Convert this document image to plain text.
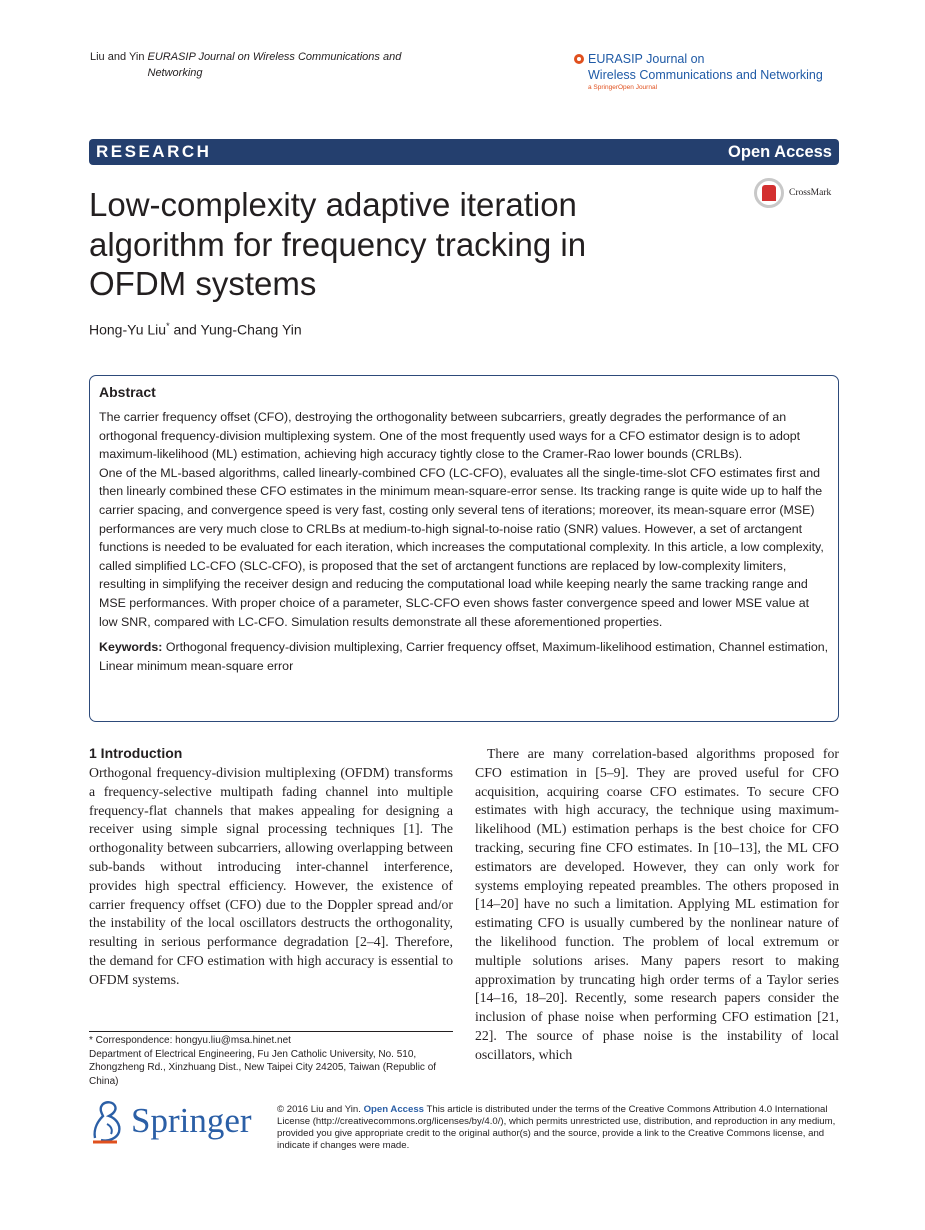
Liu and Yin EURASIP Journal on Wireless Communications and Networking
EURASIP Journal on
Wireless Communications and Networking
a SpringerOpen Journal
RESEARCH	Open Access
Low-complexity adaptive iteration algorithm for frequency tracking in OFDM systems
CrossMark
Hong-Yu Liu* and Yung-Chang Yin
Abstract

The carrier frequency offset (CFO), destroying the orthogonality between subcarriers, greatly degrades the performance of an orthogonal frequency-division multiplexing system. One of the most frequently used ways for a CFO estimator design is to adopt maximum-likelihood (ML) estimation, achieving high accuracy tightly close to the Cramer-Rao lower bounds (CRLBs).

One of the ML-based algorithms, called linearly-combined CFO (LC-CFO), evaluates all the single-time-slot CFO estimates first and then linearly combined these CFO estimates in the minimum mean-square-error sense. Its tracking range is quite wide up to half the carrier spacing, and convergence speed is very fast, costing only several tens of iterations; moreover, its mean-square error (MSE) performances are very much close to CRLBs at medium-to-high signal-to-noise ratio (SNR) values. However, a set of arctangent functions is needed to be evaluated for each iteration, which increases the computational complexity. In this article, a low complexity, called simplified LC-CFO (SLC-CFO), is proposed that the set of arctangent functions are replaced by low-complexity limiters, resulting in simplifying the receiver design and reducing the computational load while keeping nearly the same tracking range and MSE performances. With proper choice of a parameter, SLC-CFO even shows faster convergence speed and lower MSE value at low SNR, compared with LC-CFO. Simulation results demonstrate all these aforementioned properties.

Keywords: Orthogonal frequency-division multiplexing, Carrier frequency offset, Maximum-likelihood estimation, Channel estimation, Linear minimum mean-square error

1 Introduction

Orthogonal frequency-division multiplexing (OFDM) transforms a frequency-selective multipath fading channel into multiple frequency-flat channels that makes appealing for designing a receiver using simple signal processing techniques [1]. The orthogonality between subcarriers, allowing overlapping between sub-bands without introducing inter-channel interference, provides high spectral efficiency. However, the existence of carrier frequency offset (CFO) due to the Doppler spread and/or the instability of the local oscillators destructs the orthogonality, resulting in serious performance degradation [2–4]. Therefore, the demand for CFO estimation with high accuracy is essential to OFDM systems.

There are many correlation-based algorithms proposed for CFO estimation in [5–9]. They are proved useful for CFO acquisition, acquiring coarse CFO estimates. To secure CFO estimates with high accuracy, the technique using maximum-likelihood (ML) estimation perhaps is the best choice for CFO tracking, securing fine CFO estimates. In [10–13], the ML CFO estimators are developed. However, they can only work for systems employing repeated preambles. The others proposed in [14–20] have no such a limitation. Applying ML estimation for estimating CFO is usually cumbered by the nonlinear nature of the likelihood function. The problem of local extremum or multiple solutions arises. Many papers resort to making approximation by truncating high order terms of a Taylor series [14–16, 18–20]. Recently, some research papers consider the inclusion of phase noise when performing CFO estimation [21, 22]. The source of phase noise is the instability of local oscillators, which

* Correspondence: hongyu.liu@msa.hinet.net
Department of Electrical Engineering, Fu Jen Catholic University, No. 510, Zhongzheng Rd., Xinzhuang Dist., New Taipei City 24205, Taiwan (Republic of China)
Springer	© 2016 Liu and Yin. Open Access This article is distributed under the terms of the Creative Commons Attribution 4.0 International License (http://creativecommons.org/licenses/by/4.0/), which permits unrestricted use, distribution, and reproduction in any medium, provided you give appropriate credit to the original author(s) and the source, provide a link to the Creative Commons license, and indicate if changes were made.
